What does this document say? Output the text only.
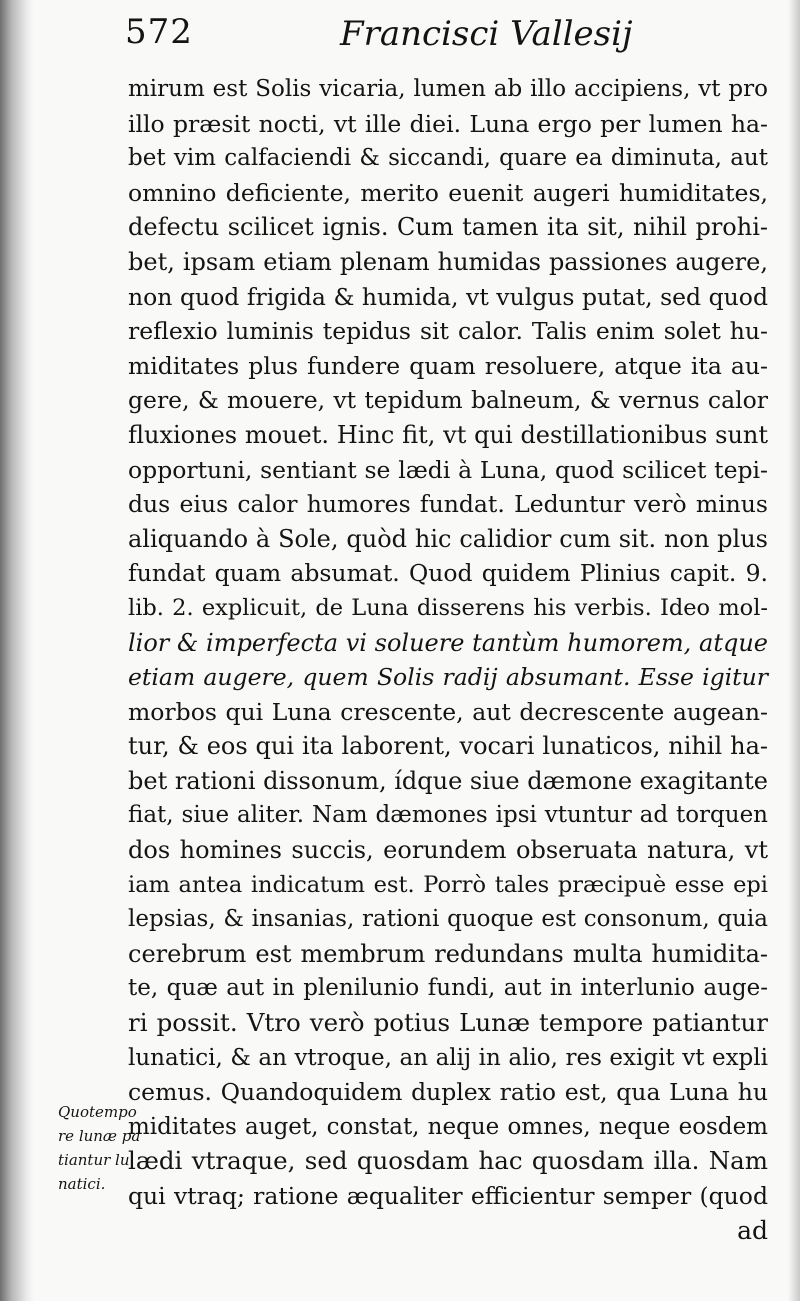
572	Francisci Vallesij
mirum est Solis vicaria, lumen ab illo accipiens, vt pro
illo præsit nocti, vt ille diei. Luna ergo per lumen ha-
bet vim calfaciendi & siccandi, quare ea diminuta, aut
omnino deficiente, merito euenit augeri humiditates,
defectu scilicet ignis. Cum tamen ita sit, nihil prohi-
bet, ipsam etiam plenam humidas passiones augere,
non quod frigida & humida, vt vulgus putat, sed quod
reflexio luminis tepidus sit calor. Talis enim solet hu-
miditates plus fundere quam resoluere, atque ita au-
gere, & mouere, vt tepidum balneum, & vernus calor
fluxiones mouet. Hinc fit, vt qui destillationibus sunt
opportuni, sentiant se lædi à Luna, quod scilicet tepi-
dus eius calor humores fundat. Leduntur verò minus
aliquando à Sole, quòd hic calidior cum sit. non plus
fundat quam absumat. Quod quidem Plinius capit. 9.
lib. 2. explicuit, de Luna disserens his verbis. Ideo mol-
lior & imperfecta vi soluere tantùm humorem, atque
etiam augere, quem Solis radij absumant. Esse igitur
morbos qui Luna crescente, aut decrescente augean-
tur, & eos qui ita laborent, vocari lunaticos, nihil ha-
bet rationi dissonum, ídque siue dæmone exagitante
fiat, siue aliter. Nam dæmones ipsi vtuntur ad torquen
dos homines succis, eorundem obseruata natura, vt
iam antea indicatum est. Porrò tales præcipuè esse epi
lepsias, & insanias, rationi quoque est consonum, quia
cerebrum est membrum redundans multa humidita-
te, quæ aut in plenilunio fundi, aut in interlunio auge-
ri possit. Vtro verò potius Lunæ tempore patiantur
lunatici, & an vtroque, an alij in alio, res exigit vt expli
cemus. Quandoquidem duplex ratio est, qua Luna hu
miditates auget, constat, neque omnes, neque eosdem
lædi vtraque, sed quosdam hac quosdam illa. Nam
qui vtraq; ratione æqualiter efficientur semper (quod
ad
Quotempo
re lunæ pa
tiantur lu
natici.
